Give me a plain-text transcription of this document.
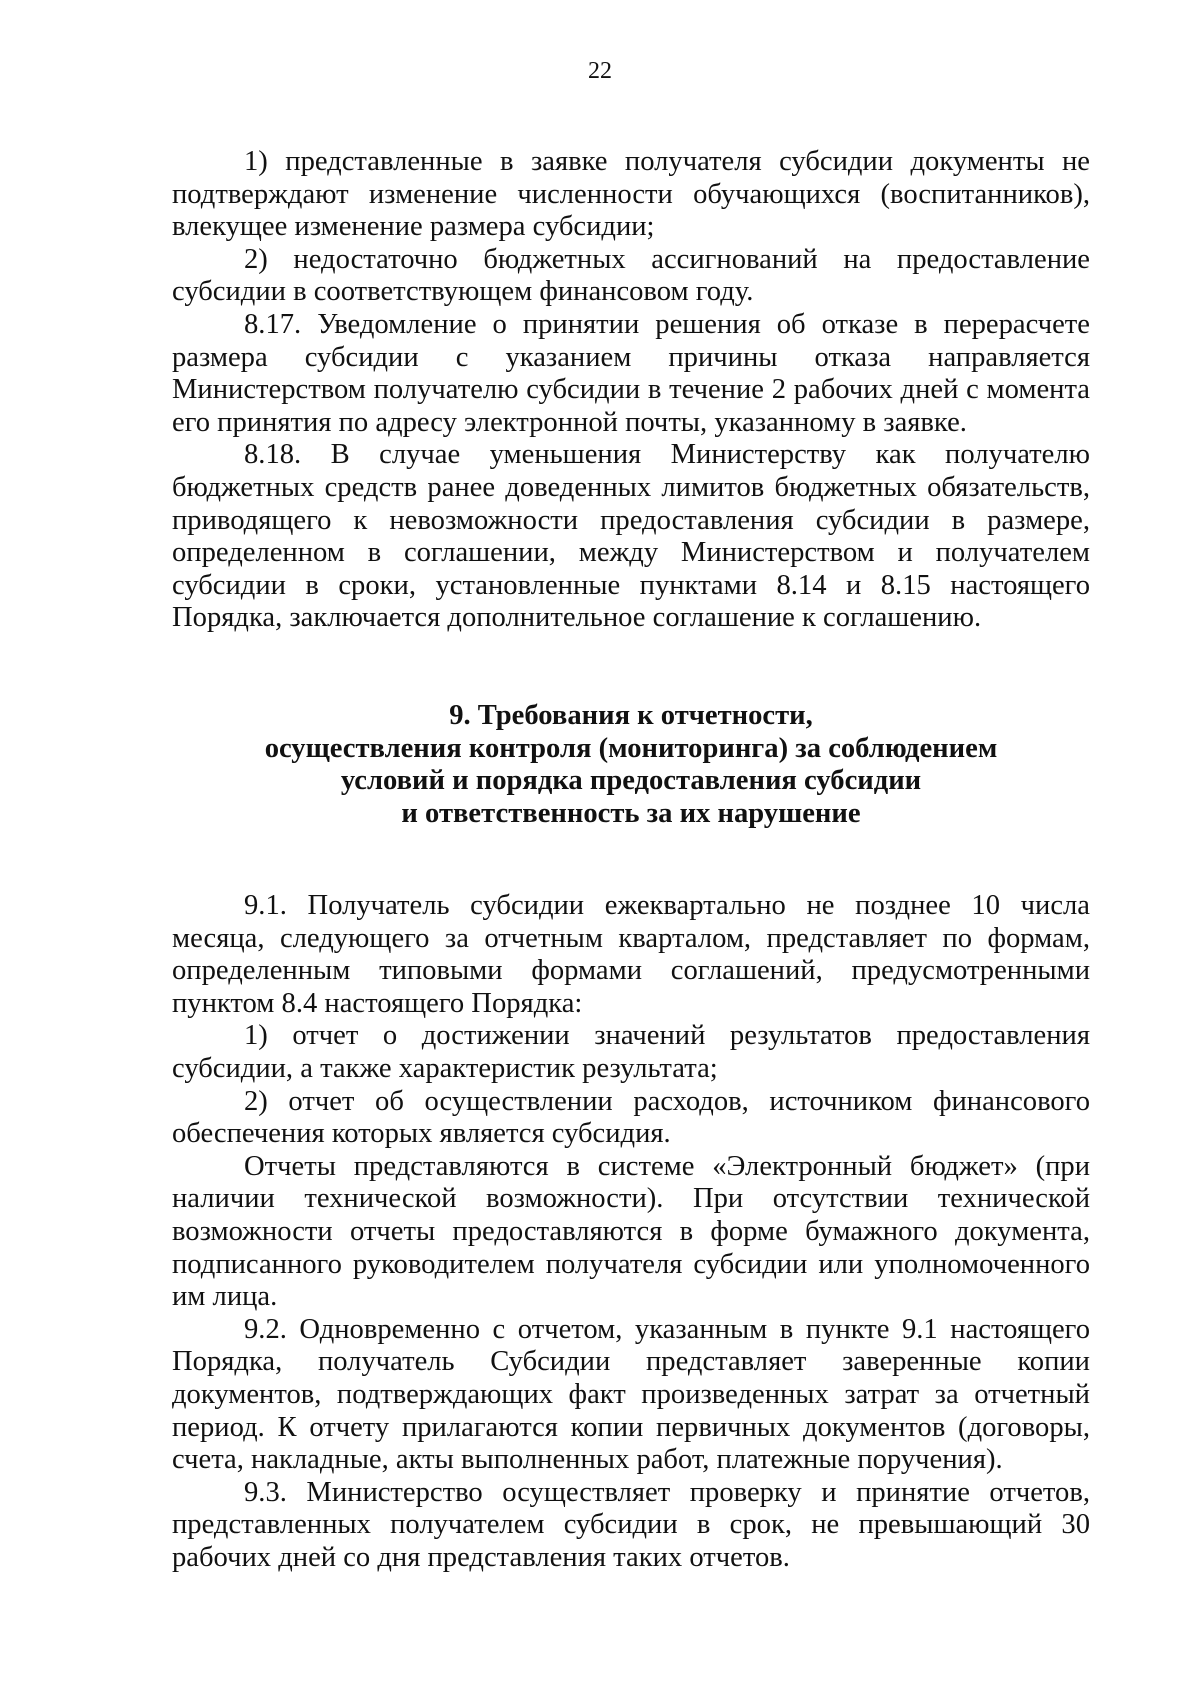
22

1) представленные в заявке получателя субсидии документы не подтверждают изменение численности обучающихся (воспитанников), влекущее изменение размера субсидии;

2) недостаточно бюджетных ассигнований на предоставление субсидии в соответствующем финансовом году.

8.17. Уведомление о принятии решения об отказе в перерасчете размера субсидии с указанием причины отказа направляется Министерством получателю субсидии в течение 2 рабочих дней с момента его принятия по адресу электронной почты, указанному в заявке.

8.18. В случае уменьшения Министерству как получателю бюджетных средств ранее доведенных лимитов бюджетных обязательств, приводящего к невозможности предоставления субсидии в размере, определенном в соглашении, между Министерством и получателем субсидии в сроки, установленные пунктами 8.14 и 8.15 настоящего Порядка, заключается дополнительное соглашение к соглашению.

9. Требования к отчетности,
осуществления контроля (мониторинга) за соблюдением
условий и порядка предоставления субсидии
и ответственность за их нарушение

9.1. Получатель субсидии ежеквартально не позднее 10 числа месяца, следующего за отчетным кварталом, представляет по формам, определенным типовыми формами соглашений, предусмотренными пунктом 8.4 настоящего Порядка:

1) отчет о достижении значений результатов предоставления субсидии, а также характеристик результата;

2) отчет об осуществлении расходов, источником финансового обеспечения которых является субсидия.

Отчеты представляются в системе «Электронный бюджет» (при наличии технической возможности). При отсутствии технической возможности отчеты предоставляются в форме бумажного документа, подписанного руководителем получателя субсидии или уполномоченного им лица.

9.2. Одновременно с отчетом, указанным в пункте 9.1 настоящего Порядка, получатель Субсидии представляет заверенные копии документов, подтверждающих факт произведенных затрат за отчетный период. К отчету прилагаются копии первичных документов (договоры, счета, накладные, акты выполненных работ, платежные поручения).

9.3. Министерство осуществляет проверку и принятие отчетов, представленных получателем субсидии в срок, не превышающий 30 рабочих дней со дня представления таких отчетов.
